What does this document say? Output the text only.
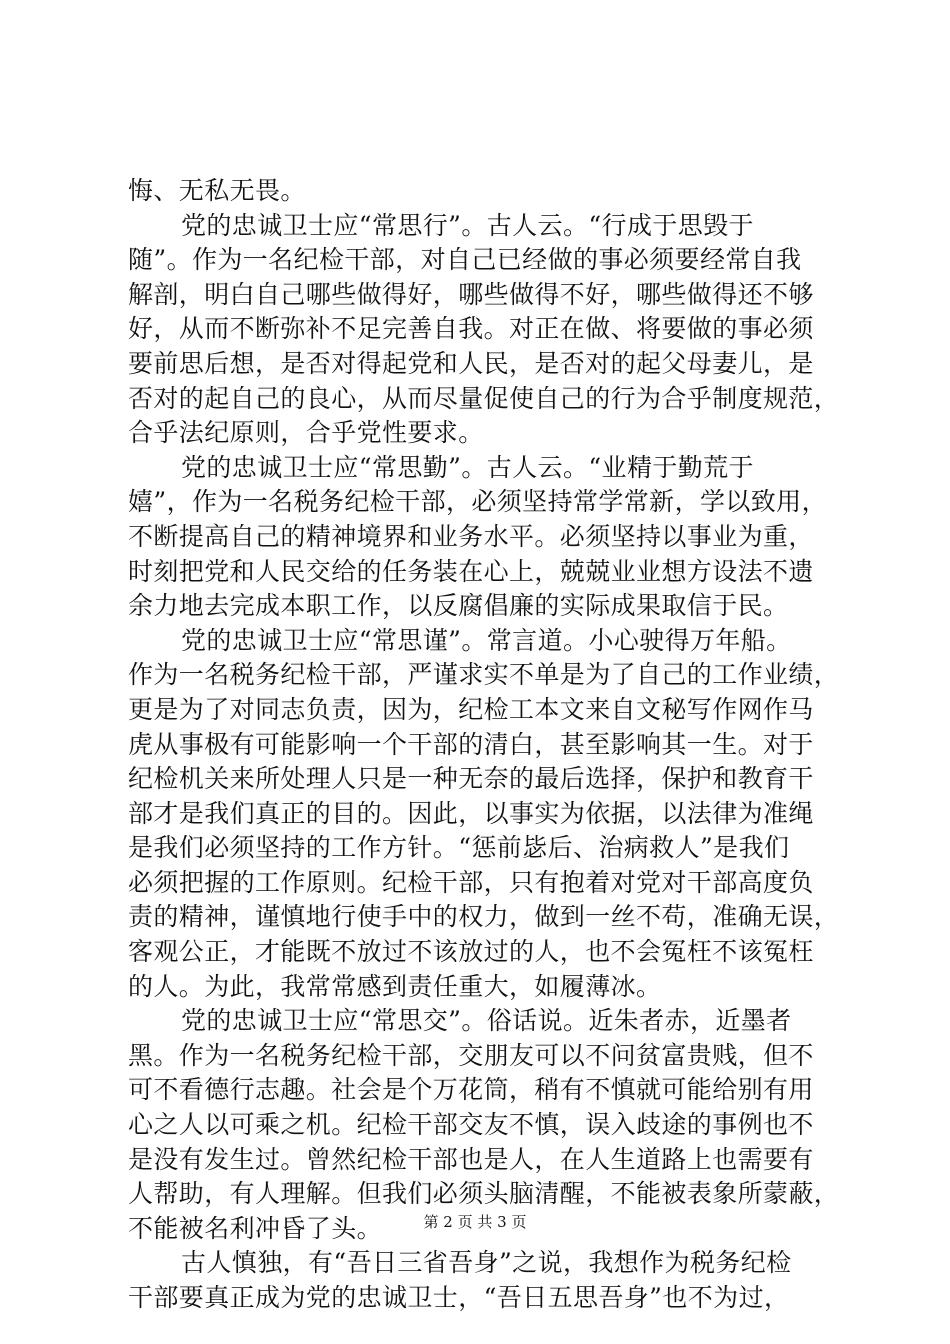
悔、无私无畏。
党的忠诚卫士应“常思行”。古人云。“行成于思毁于
随”。作为一名纪检干部，对自己已经做的事必须要经常自我
解剖，明白自己哪些做得好，哪些做得不好，哪些做得还不够
好，从而不断弥补不足完善自我。对正在做、将要做的事必须
要前思后想，是否对得起党和人民，是否对的起父母妻儿，是
否对的起自己的良心，从而尽量促使自己的行为合乎制度规范，
合乎法纪原则，合乎党性要求。
党的忠诚卫士应“常思勤”。古人云。“业精于勤荒于
嬉”，作为一名税务纪检干部，必须坚持常学常新，学以致用，
不断提高自己的精神境界和业务水平。必须坚持以事业为重，
时刻把党和人民交给的任务装在心上，兢兢业业想方设法不遗
余力地去完成本职工作，以反腐倡廉的实际成果取信于民。
党的忠诚卫士应“常思谨”。常言道。小心驶得万年船。
作为一名税务纪检干部，严谨求实不单是为了自己的工作业绩，
更是为了对同志负责，因为，纪检工本文来自文秘写作网作马
虎从事极有可能影响一个干部的清白，甚至影响其一生。对于
纪检机关来所处理人只是一种无奈的最后选择，保护和教育干
部才是我们真正的目的。因此，以事实为依据，以法律为准绳
是我们必须坚持的工作方针。“惩前毖后、治病救人”是我们
必须把握的工作原则。纪检干部，只有抱着对党对干部高度负
责的精神，谨慎地行使手中的权力，做到一丝不苟，准确无误，
客观公正，才能既不放过不该放过的人，也不会冤枉不该冤枉
的人。为此，我常常感到责任重大，如履薄冰。
党的忠诚卫士应“常思交”。俗话说。近朱者赤，近墨者
黑。作为一名税务纪检干部，交朋友可以不问贫富贵贱，但不
可不看德行志趣。社会是个万花筒，稍有不慎就可能给别有用
心之人以可乘之机。纪检干部交友不慎，误入歧途的事例也不
是没有发生过。曾然纪检干部也是人，在人生道路上也需要有
人帮助，有人理解。但我们必须头脑清醒，不能被表象所蒙蔽，
不能被名利冲昏了头。
古人慎独，有“吾日三省吾身”之说，我想作为税务纪检
干部要真正成为党的忠诚卫士，“吾日五思吾身”也不为过，
第 2 页 共 3 页
